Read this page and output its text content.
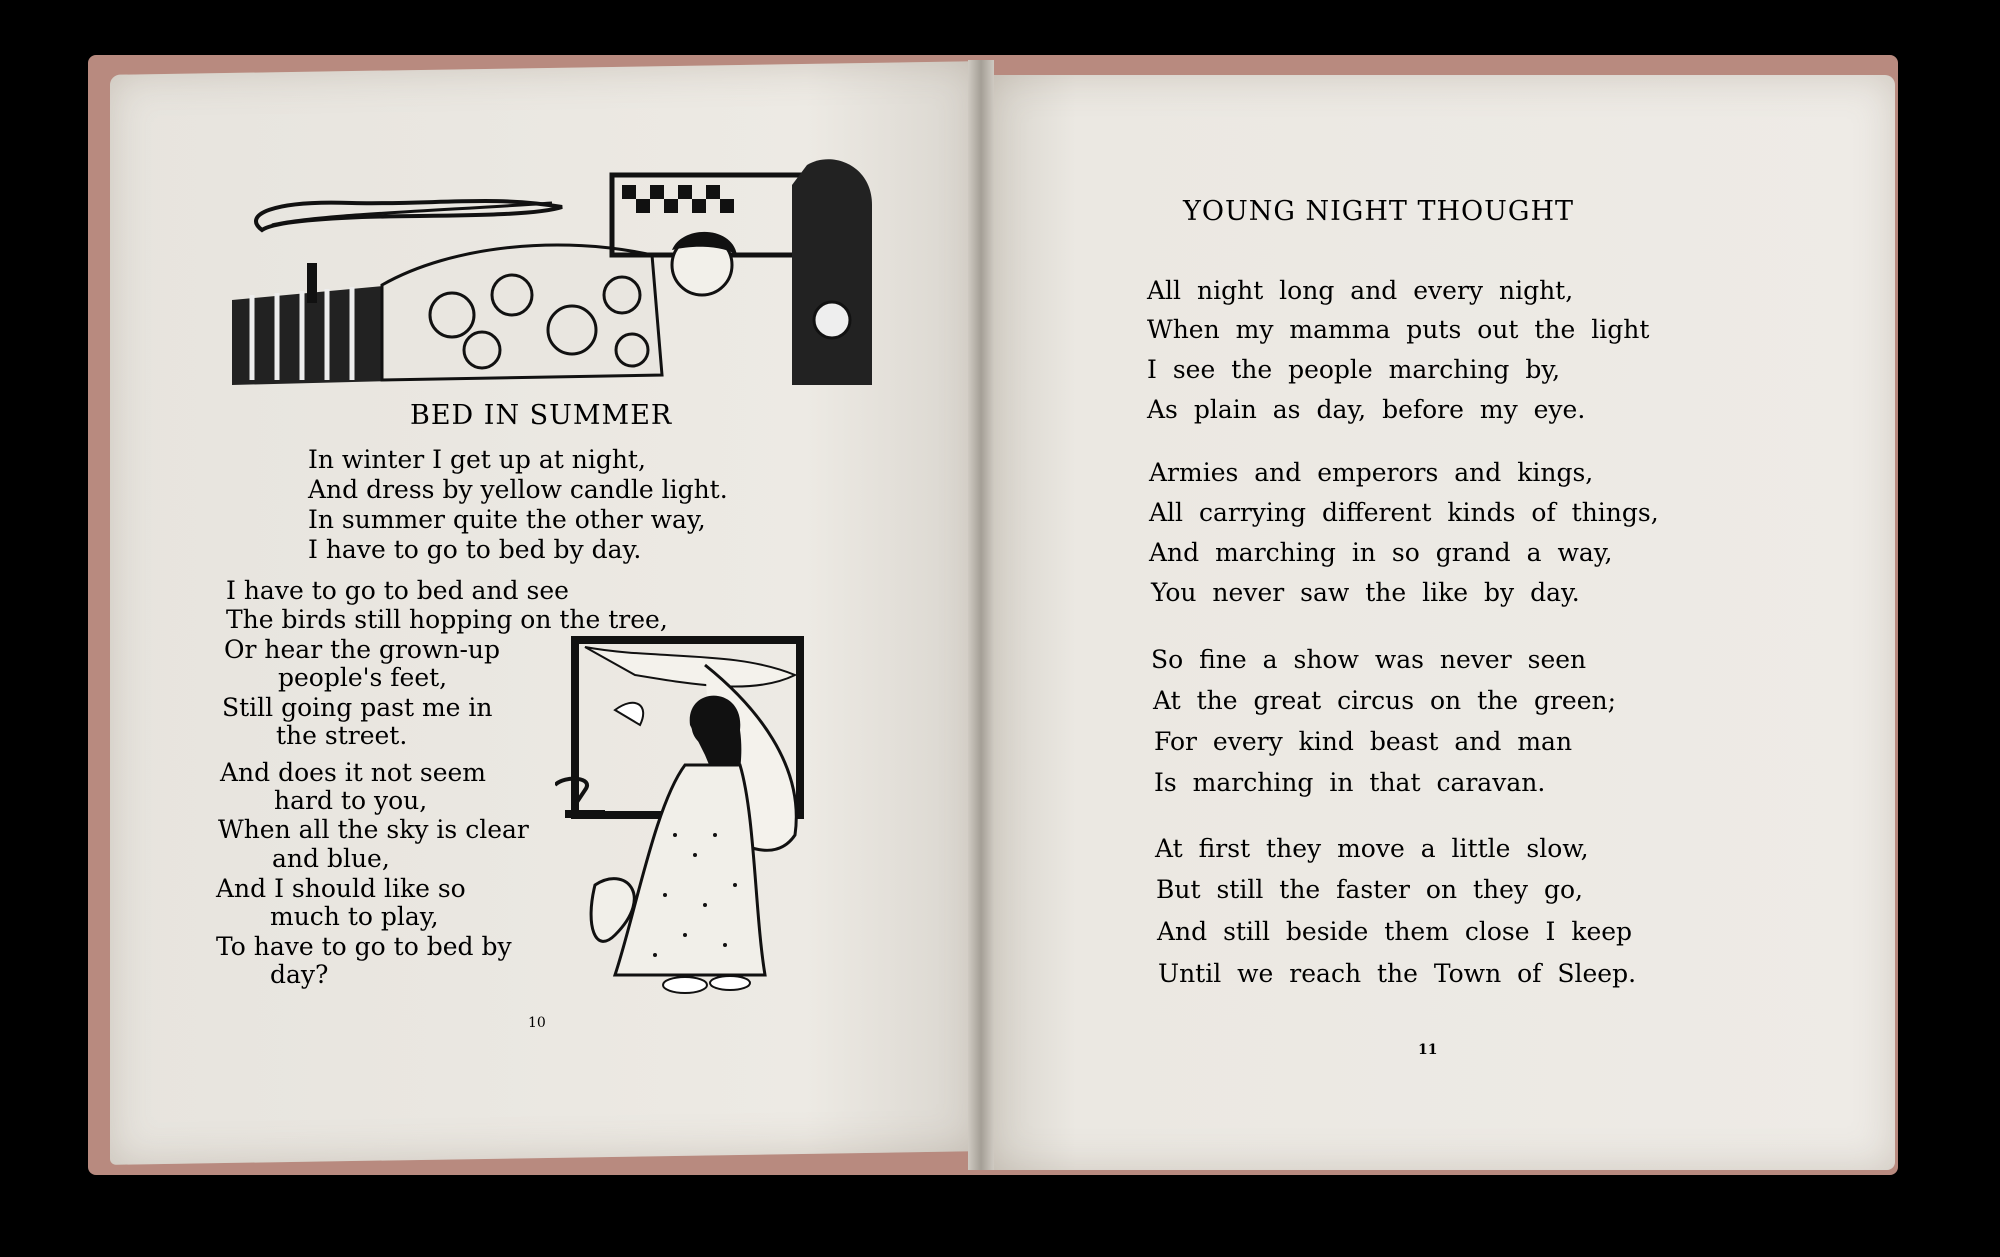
BED IN SUMMER
In winter I get up at night,
And dress by yellow candle light.
In summer quite the other way,
I have to go to bed by day.
I have to go to bed and see
The birds still hopping on the tree,
Or hear the grown-up
people's feet,
Still going past me in
the street.
And does it not seem
hard to you,
When all the sky is clear
and blue,
And I should like so
much to play,
To have to go to bed by
day?
10
YOUNG NIGHT THOUGHT
All night long and every night,
When my mamma puts out the light
I see the people marching by,
As plain as day, before my eye.
Armies and emperors and kings,
All carrying different kinds of things,
And marching in so grand a way,
You never saw the like by day.
So fine a show was never seen
At the great circus on the green;
For every kind beast and man
Is marching in that caravan.
At first they move a little slow,
But still the faster on they go,
And still beside them close I keep
Until we reach the Town of Sleep.
11
